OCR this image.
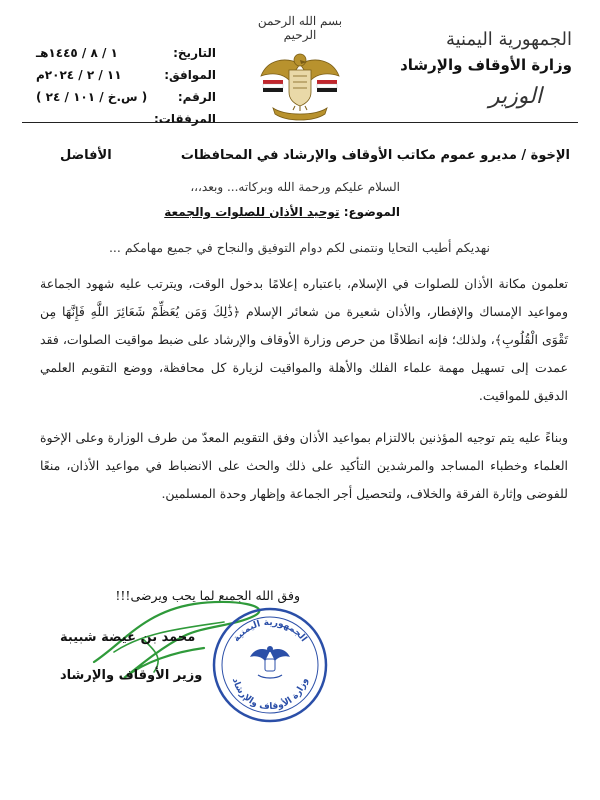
الجمهورية اليمنية
وزارة الأوقاف والإرشاد
الوزير
بسم الله الرحمن الرحيم
التاريخ:
١ / ٨ / ١٤٤٥هـ
الموافق:
١١ / ٢ / ٢٠٢٤م
الرقم:
( س.خ / ١٠١ / ٢٤ )
المرفقات:
الإخوة / مديرو عموم مكاتب الأوقاف والإرشاد في المحافظات
الأفاضل
السلام عليكم ورحمة الله وبركاته... وبعد،،،
الموضوع: توحيد الأذان للصلوات والجمعة
نهديكم أطيب التحايا ونتمنى لكم دوام التوفيق والنجاح في جميع مهامكم ...

تعلمون مكانة الأذان للصلوات في الإسلام، باعتباره إعلامًا بدخول الوقت، ويترتب عليه شهود الجماعة ومواعيد الإمساك والإفطار، والأذان شعيرة من شعائر الإسلام ﴿ذَٰلِكَ وَمَن يُعَظِّمْ شَعَائِرَ اللَّهِ فَإِنَّهَا مِن تَقْوَى الْقُلُوبِ﴾، ولذلك؛ فإنه انطلاقًا من حرص وزارة الأوقاف والإرشاد على ضبط مواقيت الصلوات، فقد عمدت إلى تسهيل مهمة علماء الفلك والأهلة والمواقيت لزيارة كل محافظة، ووضع التقويم العلمي الدقيق للمواقيت.

وبناءً عليه يتم توجيه المؤذنين بالالتزام بمواعيد الأذان وفق التقويم المعدّ من طرف الوزارة وعلى الإخوة العلماء وخطباء المساجد والمرشدين التأكيد على ذلك والحث على الانضباط في مواعيد الأذان، منعًا للفوضى وإثارة الفرقة والخلاف، ولتحصيل أجر الجماعة وإظهار وحدة المسلمين.

وفق الله الجميع لما يحب ويرضى!!!
محمد بن عيضة شبيبة
وزير الأوقاف والإرشاد
الجمهورية اليمنية
وزارة الأوقاف والإرشاد
